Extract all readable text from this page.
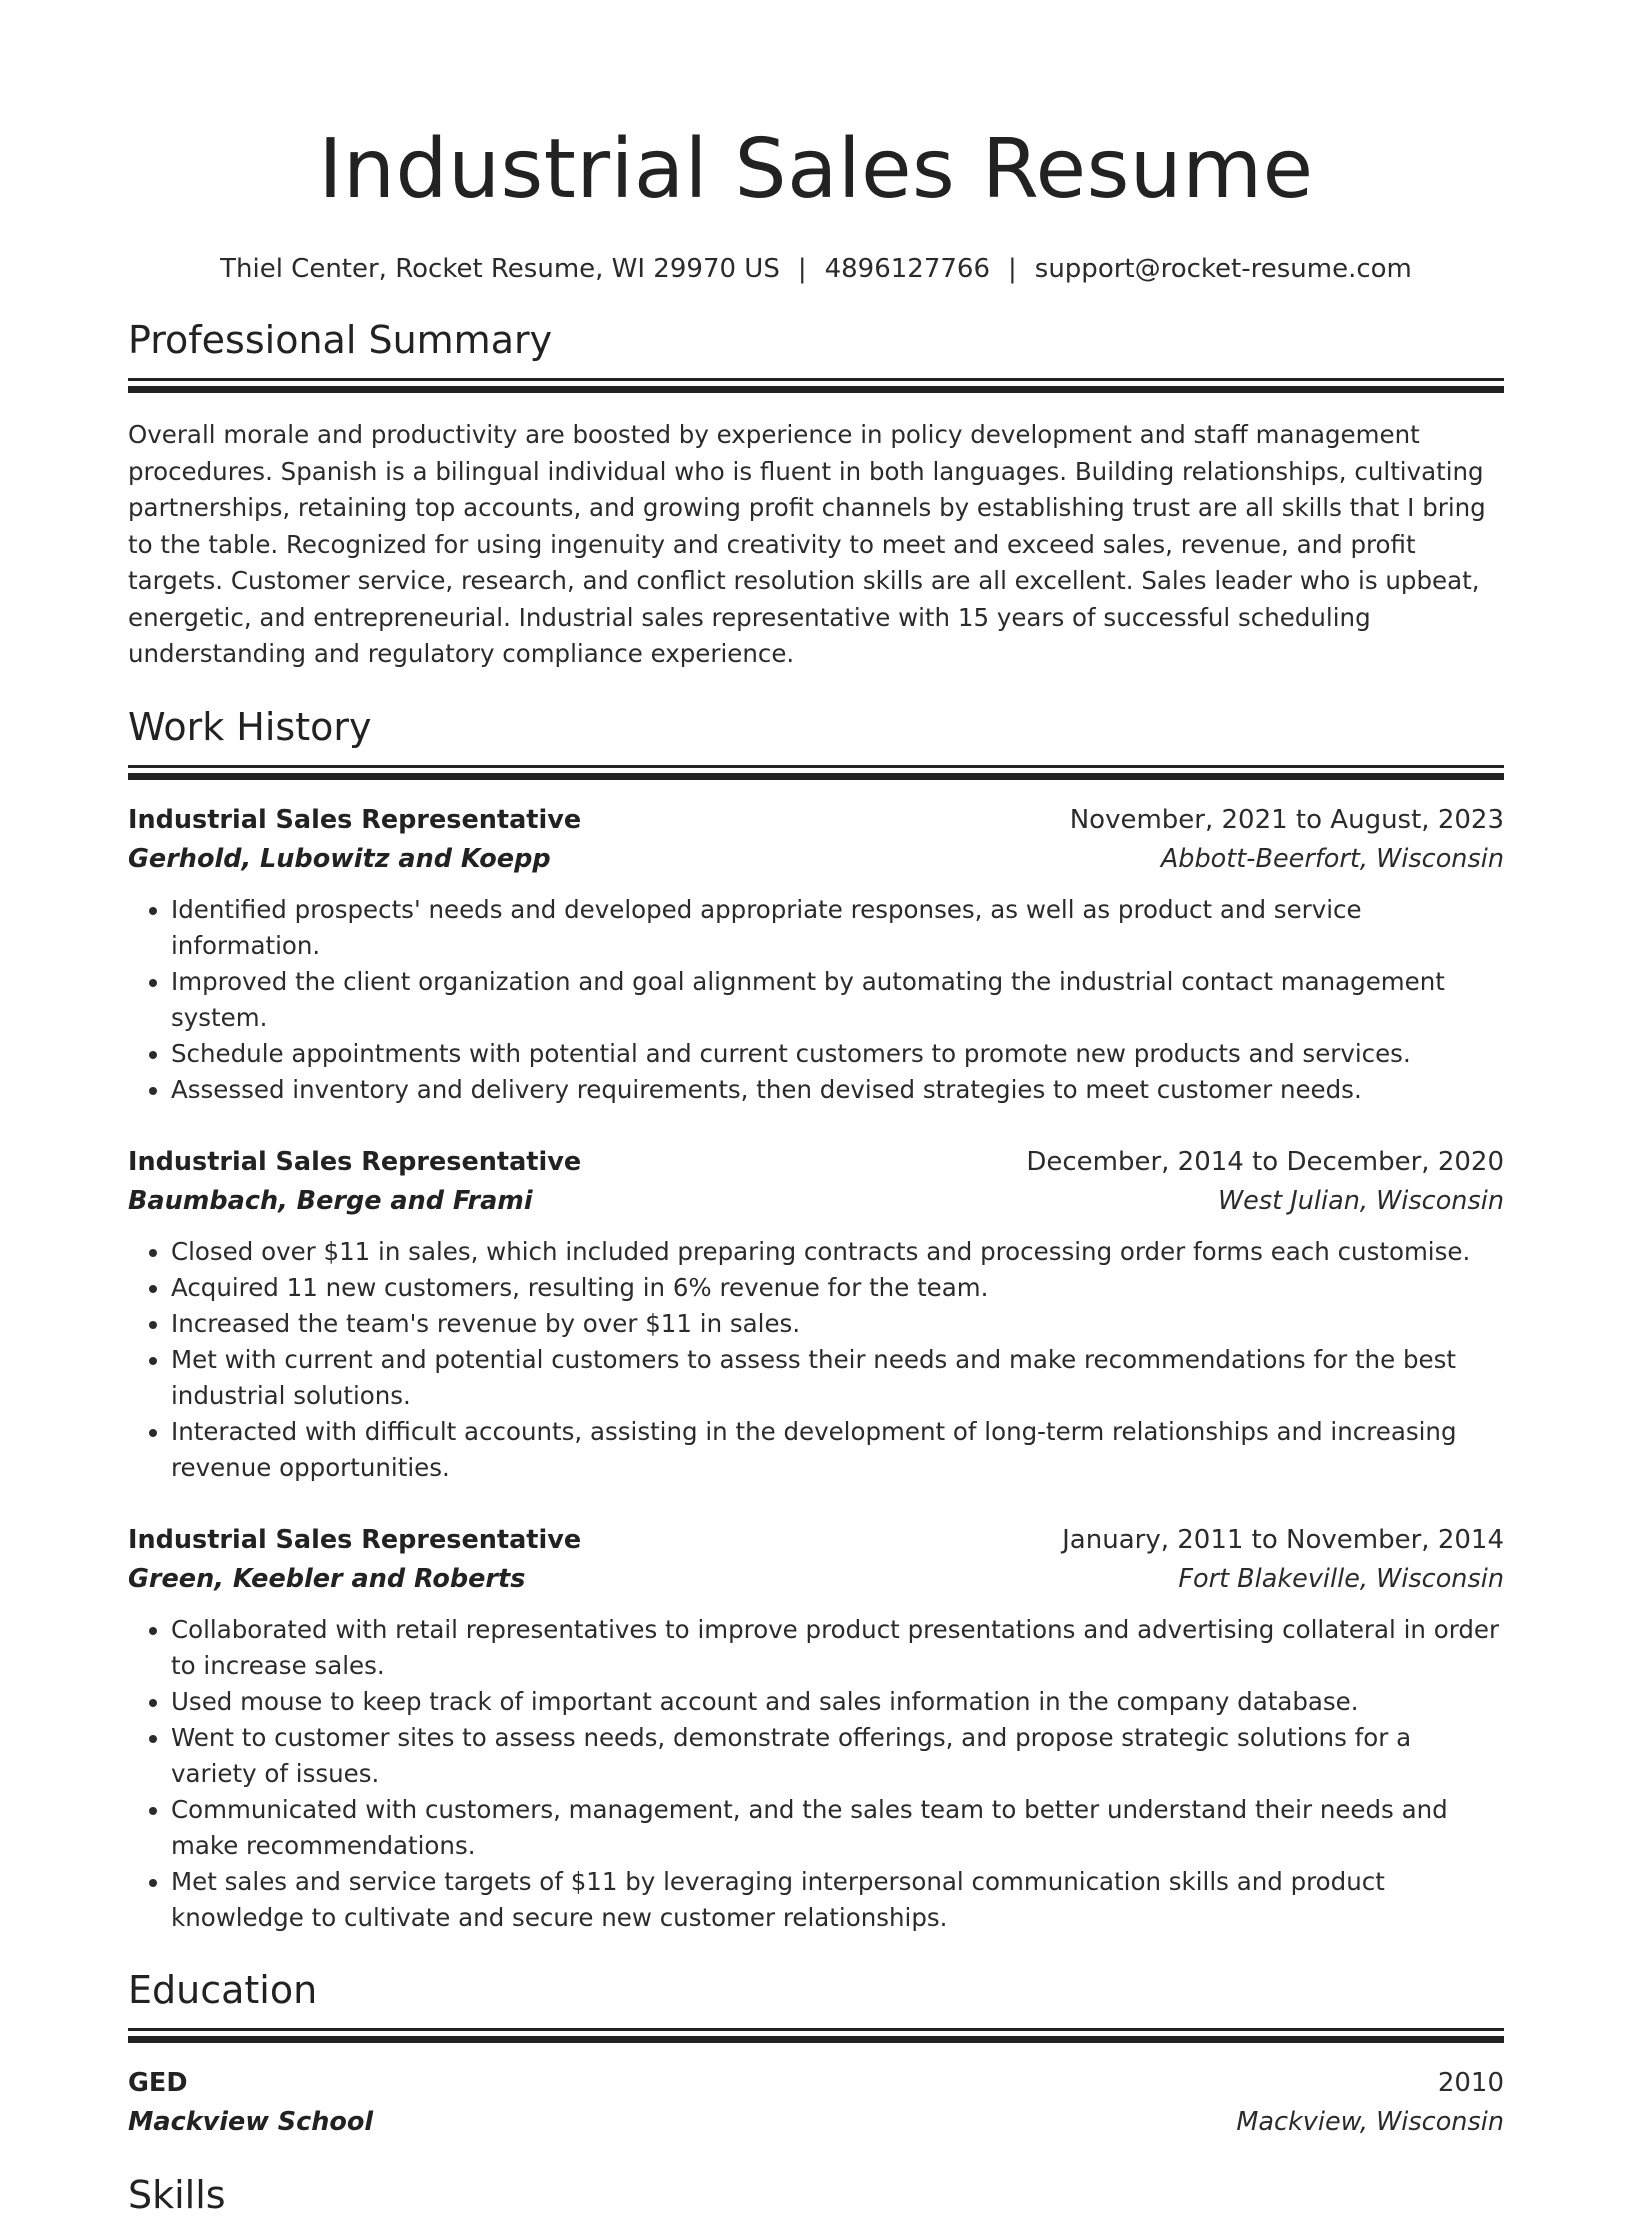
Industrial Sales Resume
Thiel Center, Rocket Resume, WI 29970 US | 4896127766 | support@rocket-resume.com
Professional Summary
Overall morale and productivity are boosted by experience in policy development and staff management procedures. Spanish is a bilingual individual who is fluent in both languages. Building relationships, cultivating partnerships, retaining top accounts, and growing profit channels by establishing trust are all skills that I bring to the table. Recognized for using ingenuity and creativity to meet and exceed sales, revenue, and profit targets. Customer service, research, and conflict resolution skills are all excellent. Sales leader who is upbeat, energetic, and entrepreneurial. Industrial sales representative with 15 years of successful scheduling understanding and regulatory compliance experience.
Work History
Industrial Sales Representative	November, 2021 to August, 2023
Gerhold, Lubowitz and Koepp	Abbott-Beerfort, Wisconsin
• Identified prospects' needs and developed appropriate responses, as well as product and service information.
• Improved the client organization and goal alignment by automating the industrial contact management system.
• Schedule appointments with potential and current customers to promote new products and services.
• Assessed inventory and delivery requirements, then devised strategies to meet customer needs.
Industrial Sales Representative	December, 2014 to December, 2020
Baumbach, Berge and Frami	West Julian, Wisconsin
• Closed over $11 in sales, which included preparing contracts and processing order forms each customise.
• Acquired 11 new customers, resulting in 6% revenue for the team.
• Increased the team's revenue by over $11 in sales.
• Met with current and potential customers to assess their needs and make recommendations for the best industrial solutions.
• Interacted with difficult accounts, assisting in the development of long-term relationships and increasing revenue opportunities.
Industrial Sales Representative	January, 2011 to November, 2014
Green, Keebler and Roberts	Fort Blakeville, Wisconsin
• Collaborated with retail representatives to improve product presentations and advertising collateral in order to increase sales.
• Used mouse to keep track of important account and sales information in the company database.
• Went to customer sites to assess needs, demonstrate offerings, and propose strategic solutions for a variety of issues.
• Communicated with customers, management, and the sales team to better understand their needs and make recommendations.
• Met sales and service targets of $11 by leveraging interpersonal communication skills and product knowledge to cultivate and secure new customer relationships.
Education
GED	2010
Mackview School	Mackview, Wisconsin
Skills
